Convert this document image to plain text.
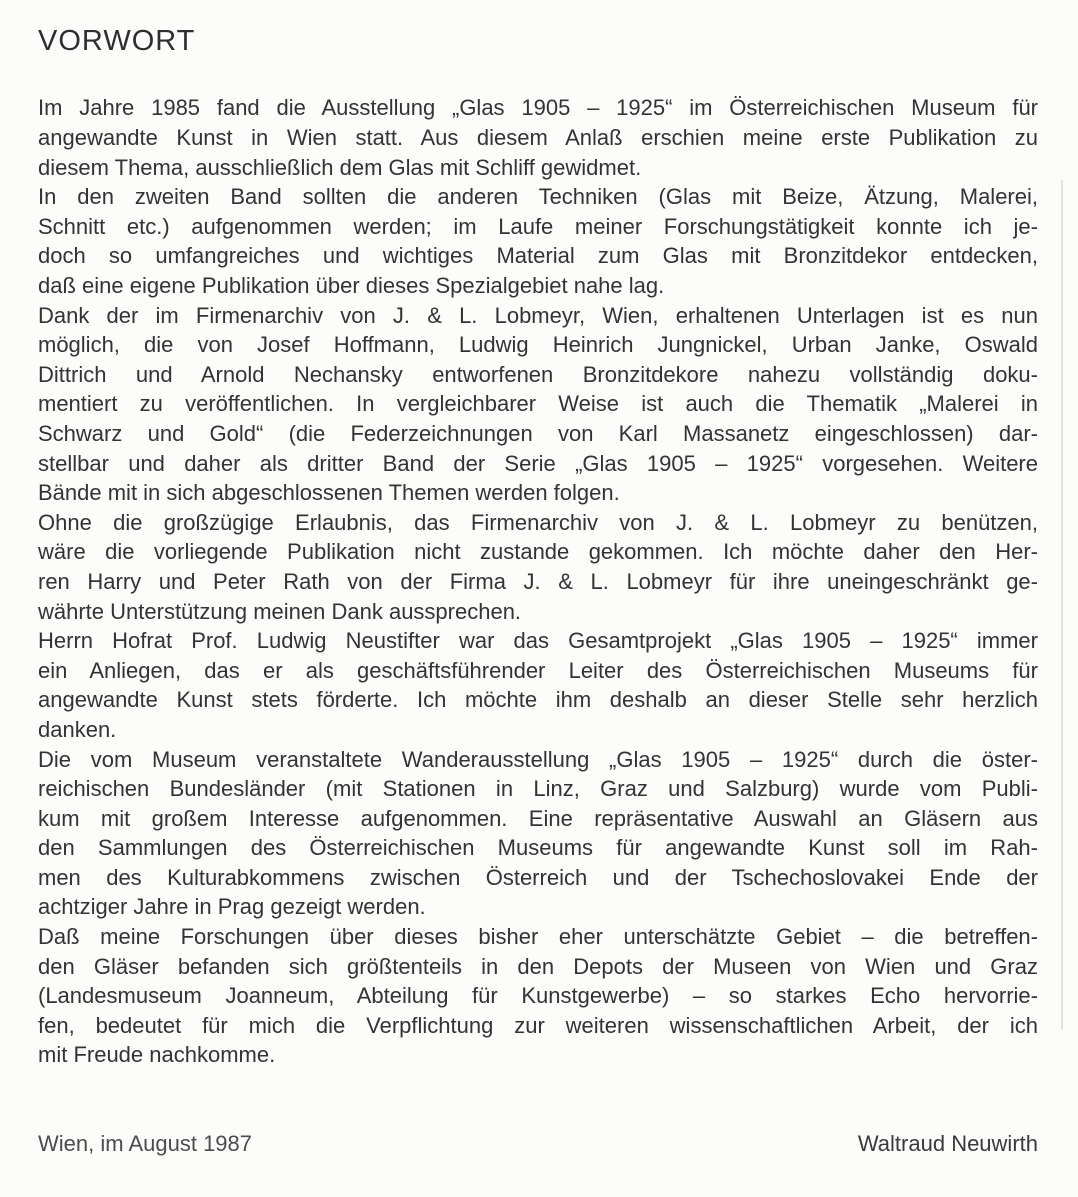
VORWORT
Im Jahre 1985 fand die Ausstellung „Glas 1905 – 1925“ im Österreichischen Museum für
angewandte Kunst in Wien statt. Aus diesem Anlaß erschien meine erste Publikation zu
diesem Thema, ausschließlich dem Glas mit Schliff gewidmet.
In den zweiten Band sollten die anderen Techniken (Glas mit Beize, Ätzung, Malerei,
Schnitt etc.) aufgenommen werden; im Laufe meiner Forschungstätigkeit konnte ich je-
doch so umfangreiches und wichtiges Material zum Glas mit Bronzitdekor entdecken,
daß eine eigene Publikation über dieses Spezialgebiet nahe lag.
Dank der im Firmenarchiv von J. & L. Lobmeyr, Wien, erhaltenen Unterlagen ist es nun
möglich, die von Josef Hoffmann, Ludwig Heinrich Jungnickel, Urban Janke, Oswald
Dittrich und Arnold Nechansky entworfenen Bronzitdekore nahezu vollständig doku-
mentiert zu veröffentlichen. In vergleichbarer Weise ist auch die Thematik „Malerei in
Schwarz und Gold“ (die Federzeichnungen von Karl Massanetz eingeschlossen) dar-
stellbar und daher als dritter Band der Serie „Glas 1905 – 1925“ vorgesehen. Weitere
Bände mit in sich abgeschlossenen Themen werden folgen.
Ohne die großzügige Erlaubnis, das Firmenarchiv von J. & L. Lobmeyr zu benützen,
wäre die vorliegende Publikation nicht zustande gekommen. Ich möchte daher den Her-
ren Harry und Peter Rath von der Firma J. & L. Lobmeyr für ihre uneingeschränkt ge-
währte Unterstützung meinen Dank aussprechen.
Herrn Hofrat Prof. Ludwig Neustifter war das Gesamtprojekt „Glas 1905 – 1925“ immer
ein Anliegen, das er als geschäftsführender Leiter des Österreichischen Museums für
angewandte Kunst stets förderte. Ich möchte ihm deshalb an dieser Stelle sehr herzlich
danken.
Die vom Museum veranstaltete Wanderausstellung „Glas 1905 – 1925“ durch die öster-
reichischen Bundesländer (mit Stationen in Linz, Graz und Salzburg) wurde vom Publi-
kum mit großem Interesse aufgenommen. Eine repräsentative Auswahl an Gläsern aus
den Sammlungen des Österreichischen Museums für angewandte Kunst soll im Rah-
men des Kulturabkommens zwischen Österreich und der Tschechoslovakei Ende der
achtziger Jahre in Prag gezeigt werden.
Daß meine Forschungen über dieses bisher eher unterschätzte Gebiet – die betreffen-
den Gläser befanden sich größtenteils in den Depots der Museen von Wien und Graz
(Landesmuseum Joanneum, Abteilung für Kunstgewerbe) – so starkes Echo hervorrie-
fen, bedeutet für mich die Verpflichtung zur weiteren wissenschaftlichen Arbeit, der ich
mit Freude nachkomme.
Wien, im August 1987	Waltraud Neuwirth
